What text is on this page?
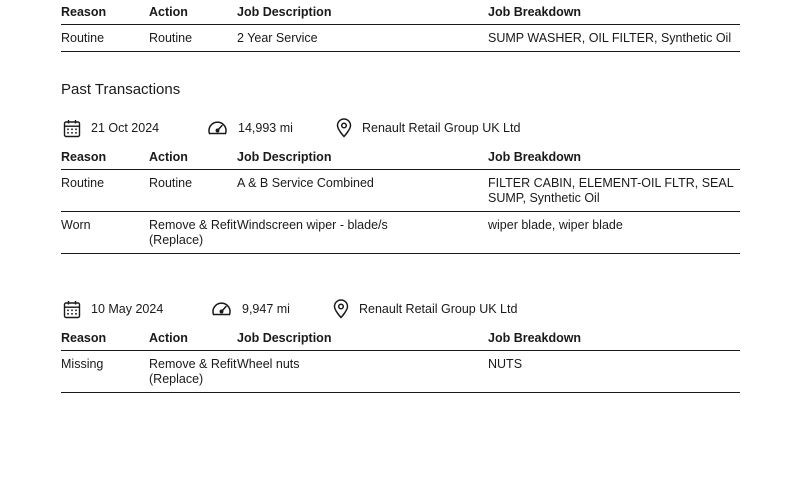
Reason	Action	Job Description	Job Breakdown
Routine	Routine	2 Year Service	SUMP WASHER, OIL FILTER, Synthetic Oil
Past Transactions
21 Oct 2024	14,993 mi	Renault Retail Group UK Ltd
Reason	Action	Job Description	Job Breakdown
Routine	Routine	A & B Service Combined	FILTER CABIN, ELEMENT-OIL FLTR, SEAL SUMP, Synthetic Oil
Worn	Remove & Refit (Replace)	Windscreen wiper - blade/s	wiper blade, wiper blade
10 May 2024	9,947 mi	Renault Retail Group UK Ltd
Reason	Action	Job Description	Job Breakdown
Missing	Remove & Refit (Replace)	Wheel nuts	NUTS
